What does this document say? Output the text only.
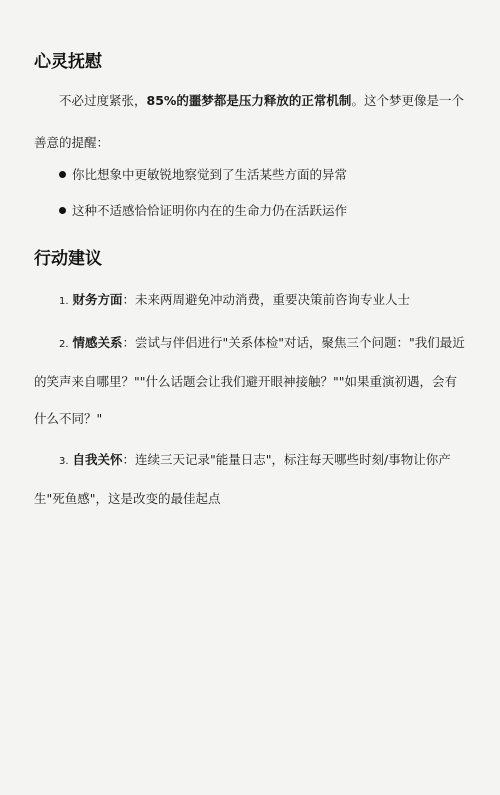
心灵抚慰

不必过度紧张，85%的噩梦都是压力释放的正常机制。这个梦更像是一个善意的提醒：

你比想象中更敏锐地察觉到了生活某些方面的异常
这种不适感恰恰证明你内在的生命力仍在活跃运作
行动建议
1. 财务方面：未来两周避免冲动消费，重要决策前咨询专业人士
2. 情感关系：尝试与伴侣进行"关系体检"对话，聚焦三个问题："我们最近的笑声来自哪里？""什么话题会让我们避开眼神接触？""如果重演初遇，会有什么不同？"
3. 自我关怀：连续三天记录"能量日志"，标注每天哪些时刻/事物让你产生"死鱼感"，这是改变的最佳起点
